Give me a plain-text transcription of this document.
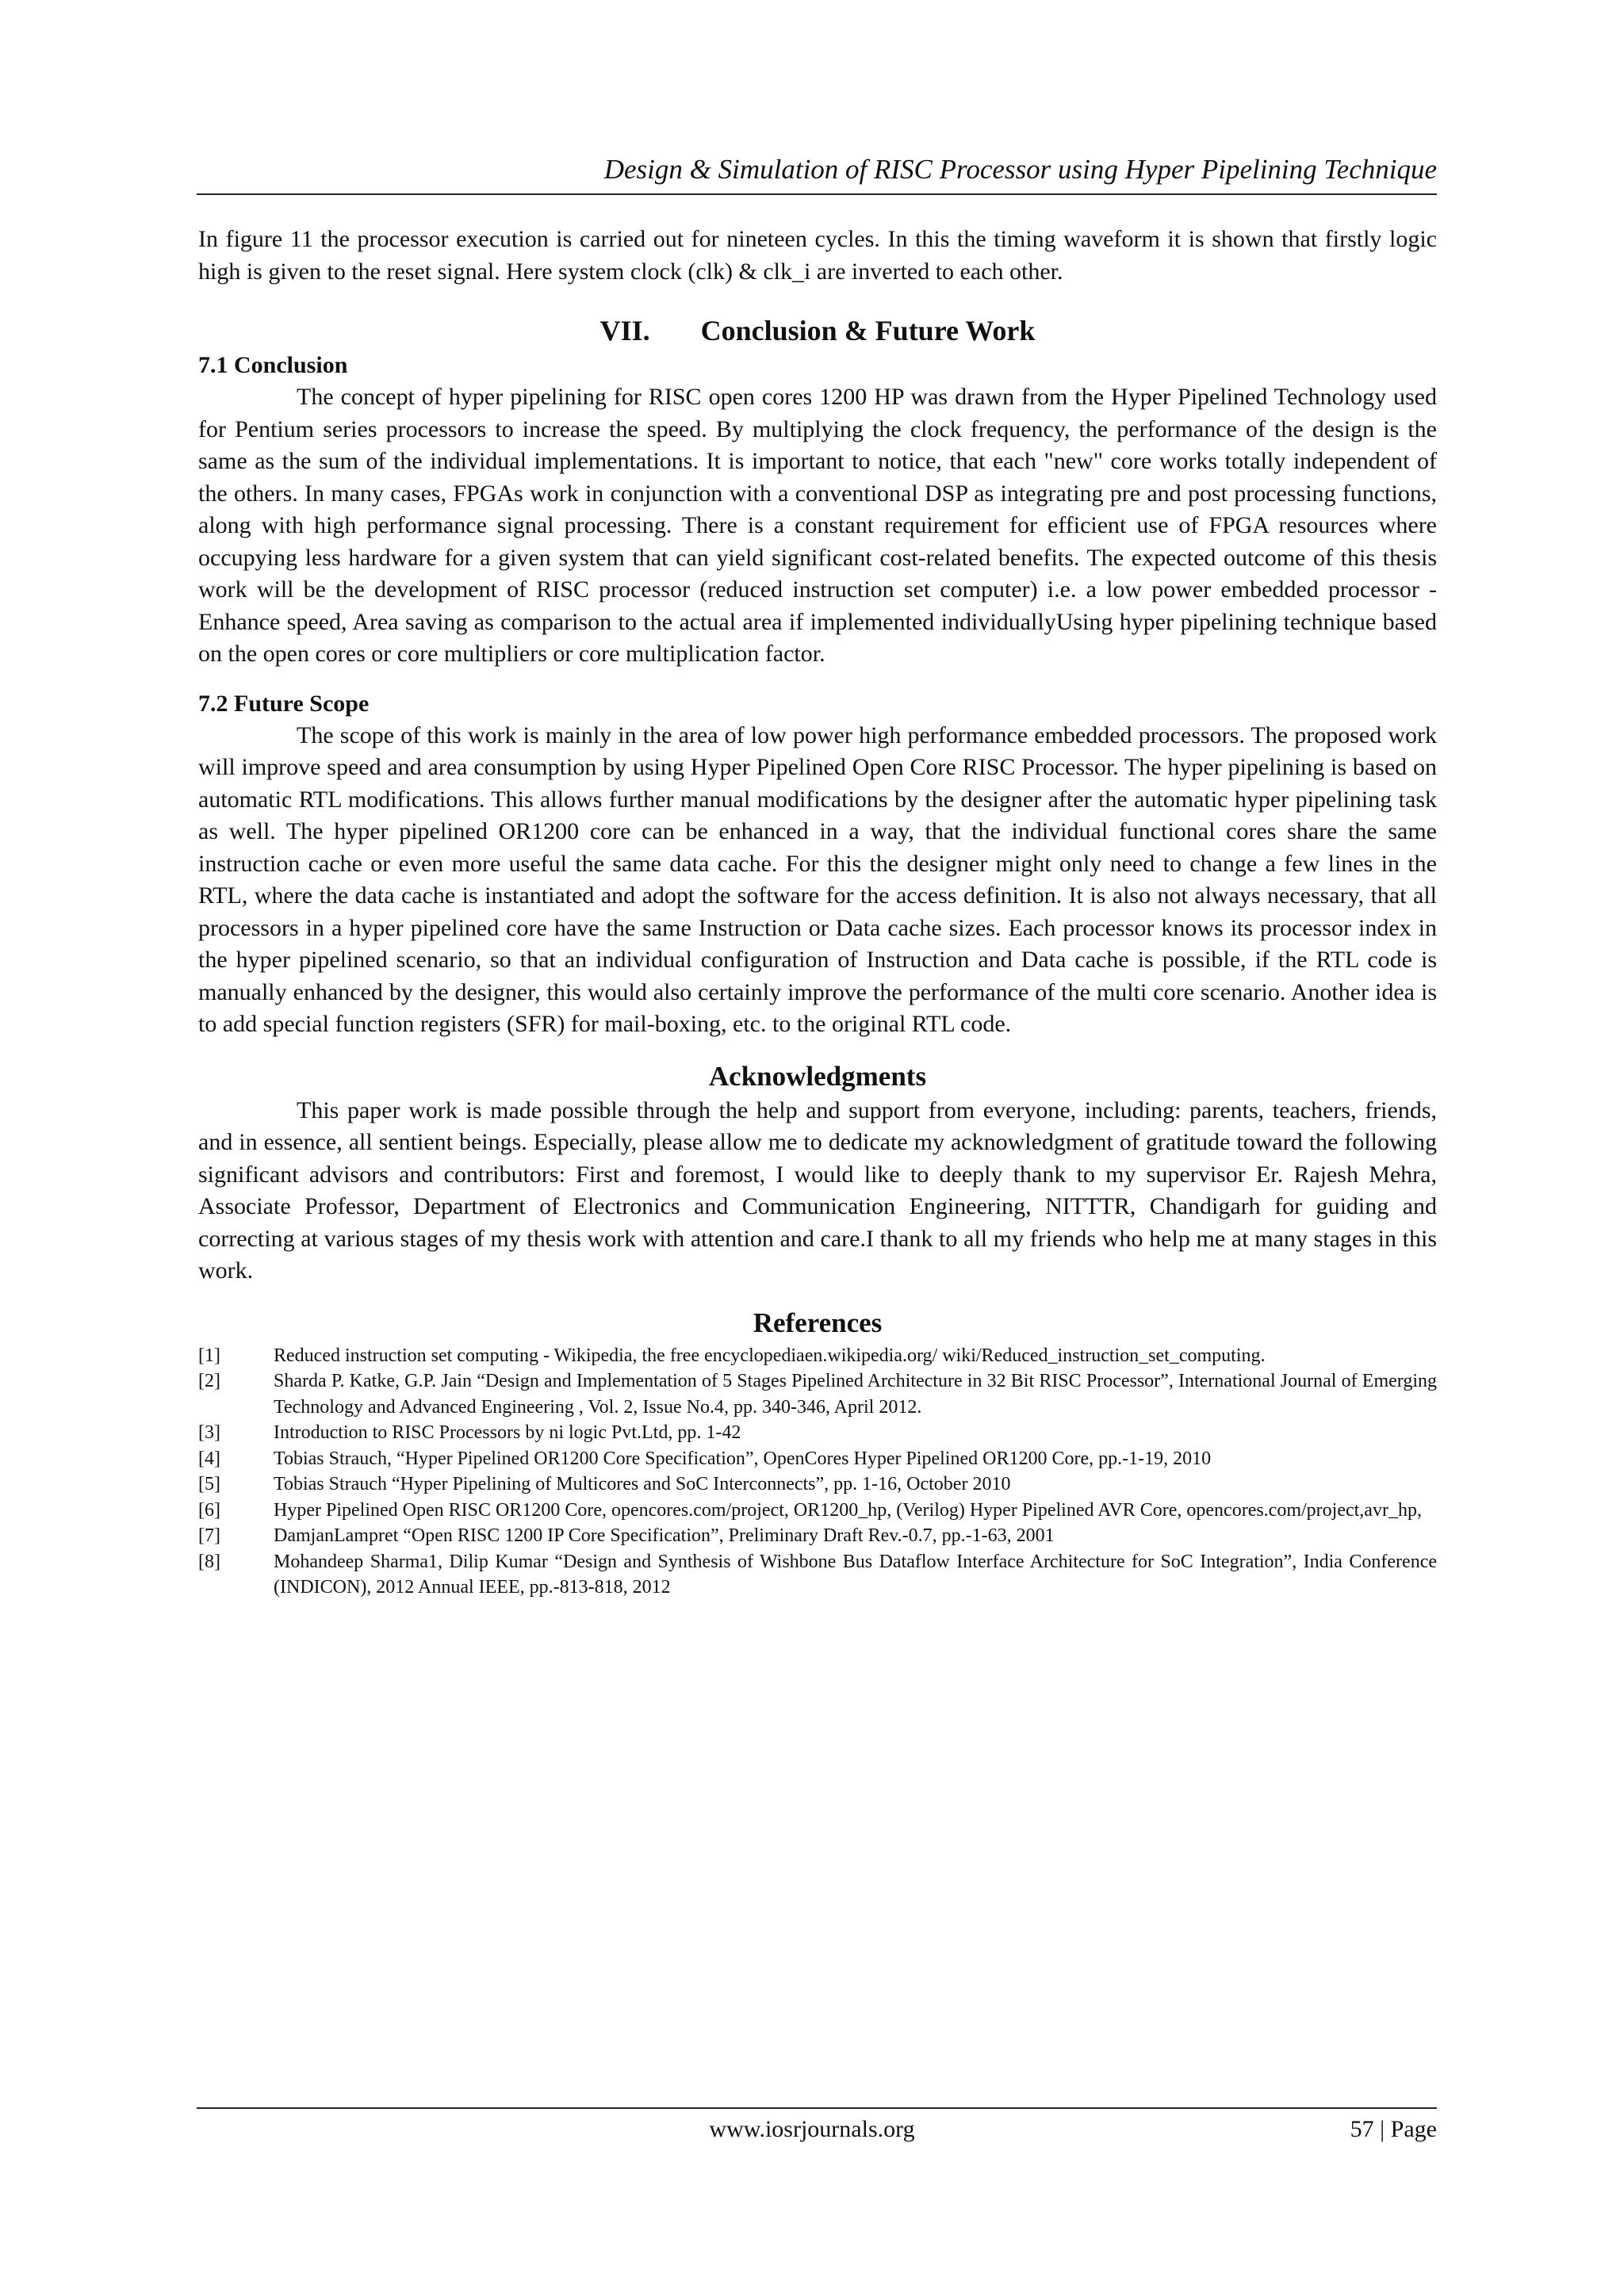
Design & Simulation of RISC Processor using Hyper Pipelining Technique

In figure 11 the processor execution is carried out for nineteen cycles. In this the timing waveform it is shown that firstly logic high is given to the reset signal. Here system clock (clk) & clk_i are inverted to each other.

VII. Conclusion & Future Work
7.1 Conclusion

The concept of hyper pipelining for RISC open cores 1200 HP was drawn from the Hyper Pipelined Technology used for Pentium series processors to increase the speed. By multiplying the clock frequency, the performance of the design is the same as the sum of the individual implementations. It is important to notice, that each "new" core works totally independent of the others. In many cases, FPGAs work in conjunction with a conventional DSP as integrating pre and post processing functions, along with high performance signal processing. There is a constant requirement for efficient use of FPGA resources where occupying less hardware for a given system that can yield significant cost-related benefits. The expected outcome of this thesis work will be the development of RISC processor (reduced instruction set computer) i.e. a low power embedded processor -Enhance speed, Area saving as comparison to the actual area if implemented individuallyUsing hyper pipelining technique based on the open cores or core multipliers or core multiplication factor.

7.2 Future Scope

The scope of this work is mainly in the area of low power high performance embedded processors. The proposed work will improve speed and area consumption by using Hyper Pipelined Open Core RISC Processor. The hyper pipelining is based on automatic RTL modifications. This allows further manual modifications by the designer after the automatic hyper pipelining task as well. The hyper pipelined OR1200 core can be enhanced in a way, that the individual functional cores share the same instruction cache or even more useful the same data cache. For this the designer might only need to change a few lines in the RTL, where the data cache is instantiated and adopt the software for the access definition. It is also not always necessary, that all processors in a hyper pipelined core have the same Instruction or Data cache sizes. Each processor knows its processor index in the hyper pipelined scenario, so that an individual configuration of Instruction and Data cache is possible, if the RTL code is manually enhanced by the designer, this would also certainly improve the performance of the multi core scenario. Another idea is to add special function registers (SFR) for mail-boxing, etc. to the original RTL code.

Acknowledgments

This paper work is made possible through the help and support from everyone, including: parents, teachers, friends, and in essence, all sentient beings. Especially, please allow me to dedicate my acknowledgment of gratitude toward the following significant advisors and contributors: First and foremost, I would like to deeply thank to my supervisor Er. Rajesh Mehra, Associate Professor, Department of Electronics and Communication Engineering, NITTTR, Chandigarh for guiding and correcting at various stages of my thesis work with attention and care.I thank to all my friends who help me at many stages in this work.

References
[1]	Reduced instruction set computing - Wikipedia, the free encyclopediaen.wikipedia.org/ wiki/Reduced_instruction_set_computing.
[2]	Sharda P. Katke, G.P. Jain “Design and Implementation of 5 Stages Pipelined Architecture in 32 Bit RISC Processor”, International Journal of Emerging Technology and Advanced Engineering , Vol. 2, Issue No.4, pp. 340-346, April 2012.
[3]	Introduction to RISC Processors by ni logic Pvt.Ltd, pp. 1-42
[4]	Tobias Strauch, “Hyper Pipelined OR1200 Core Specification”, OpenCores Hyper Pipelined OR1200 Core, pp.-1-19, 2010
[5]	Tobias Strauch “Hyper Pipelining of Multicores and SoC Interconnects”, pp. 1-16, October 2010
[6]	Hyper Pipelined Open RISC OR1200 Core, opencores.com/project, OR1200_hp, (Verilog) Hyper Pipelined AVR Core, opencores.com/project,avr_hp,
[7]	DamjanLampret “Open RISC 1200 IP Core Specification”, Preliminary Draft Rev.-0.7, pp.-1-63, 2001
[8]	Mohandeep Sharma1, Dilip Kumar “Design and Synthesis of Wishbone Bus Dataflow Interface Architecture for SoC Integration”, India Conference (INDICON), 2012 Annual IEEE, pp.-813-818, 2012
www.iosrjournals.org	57 | Page
